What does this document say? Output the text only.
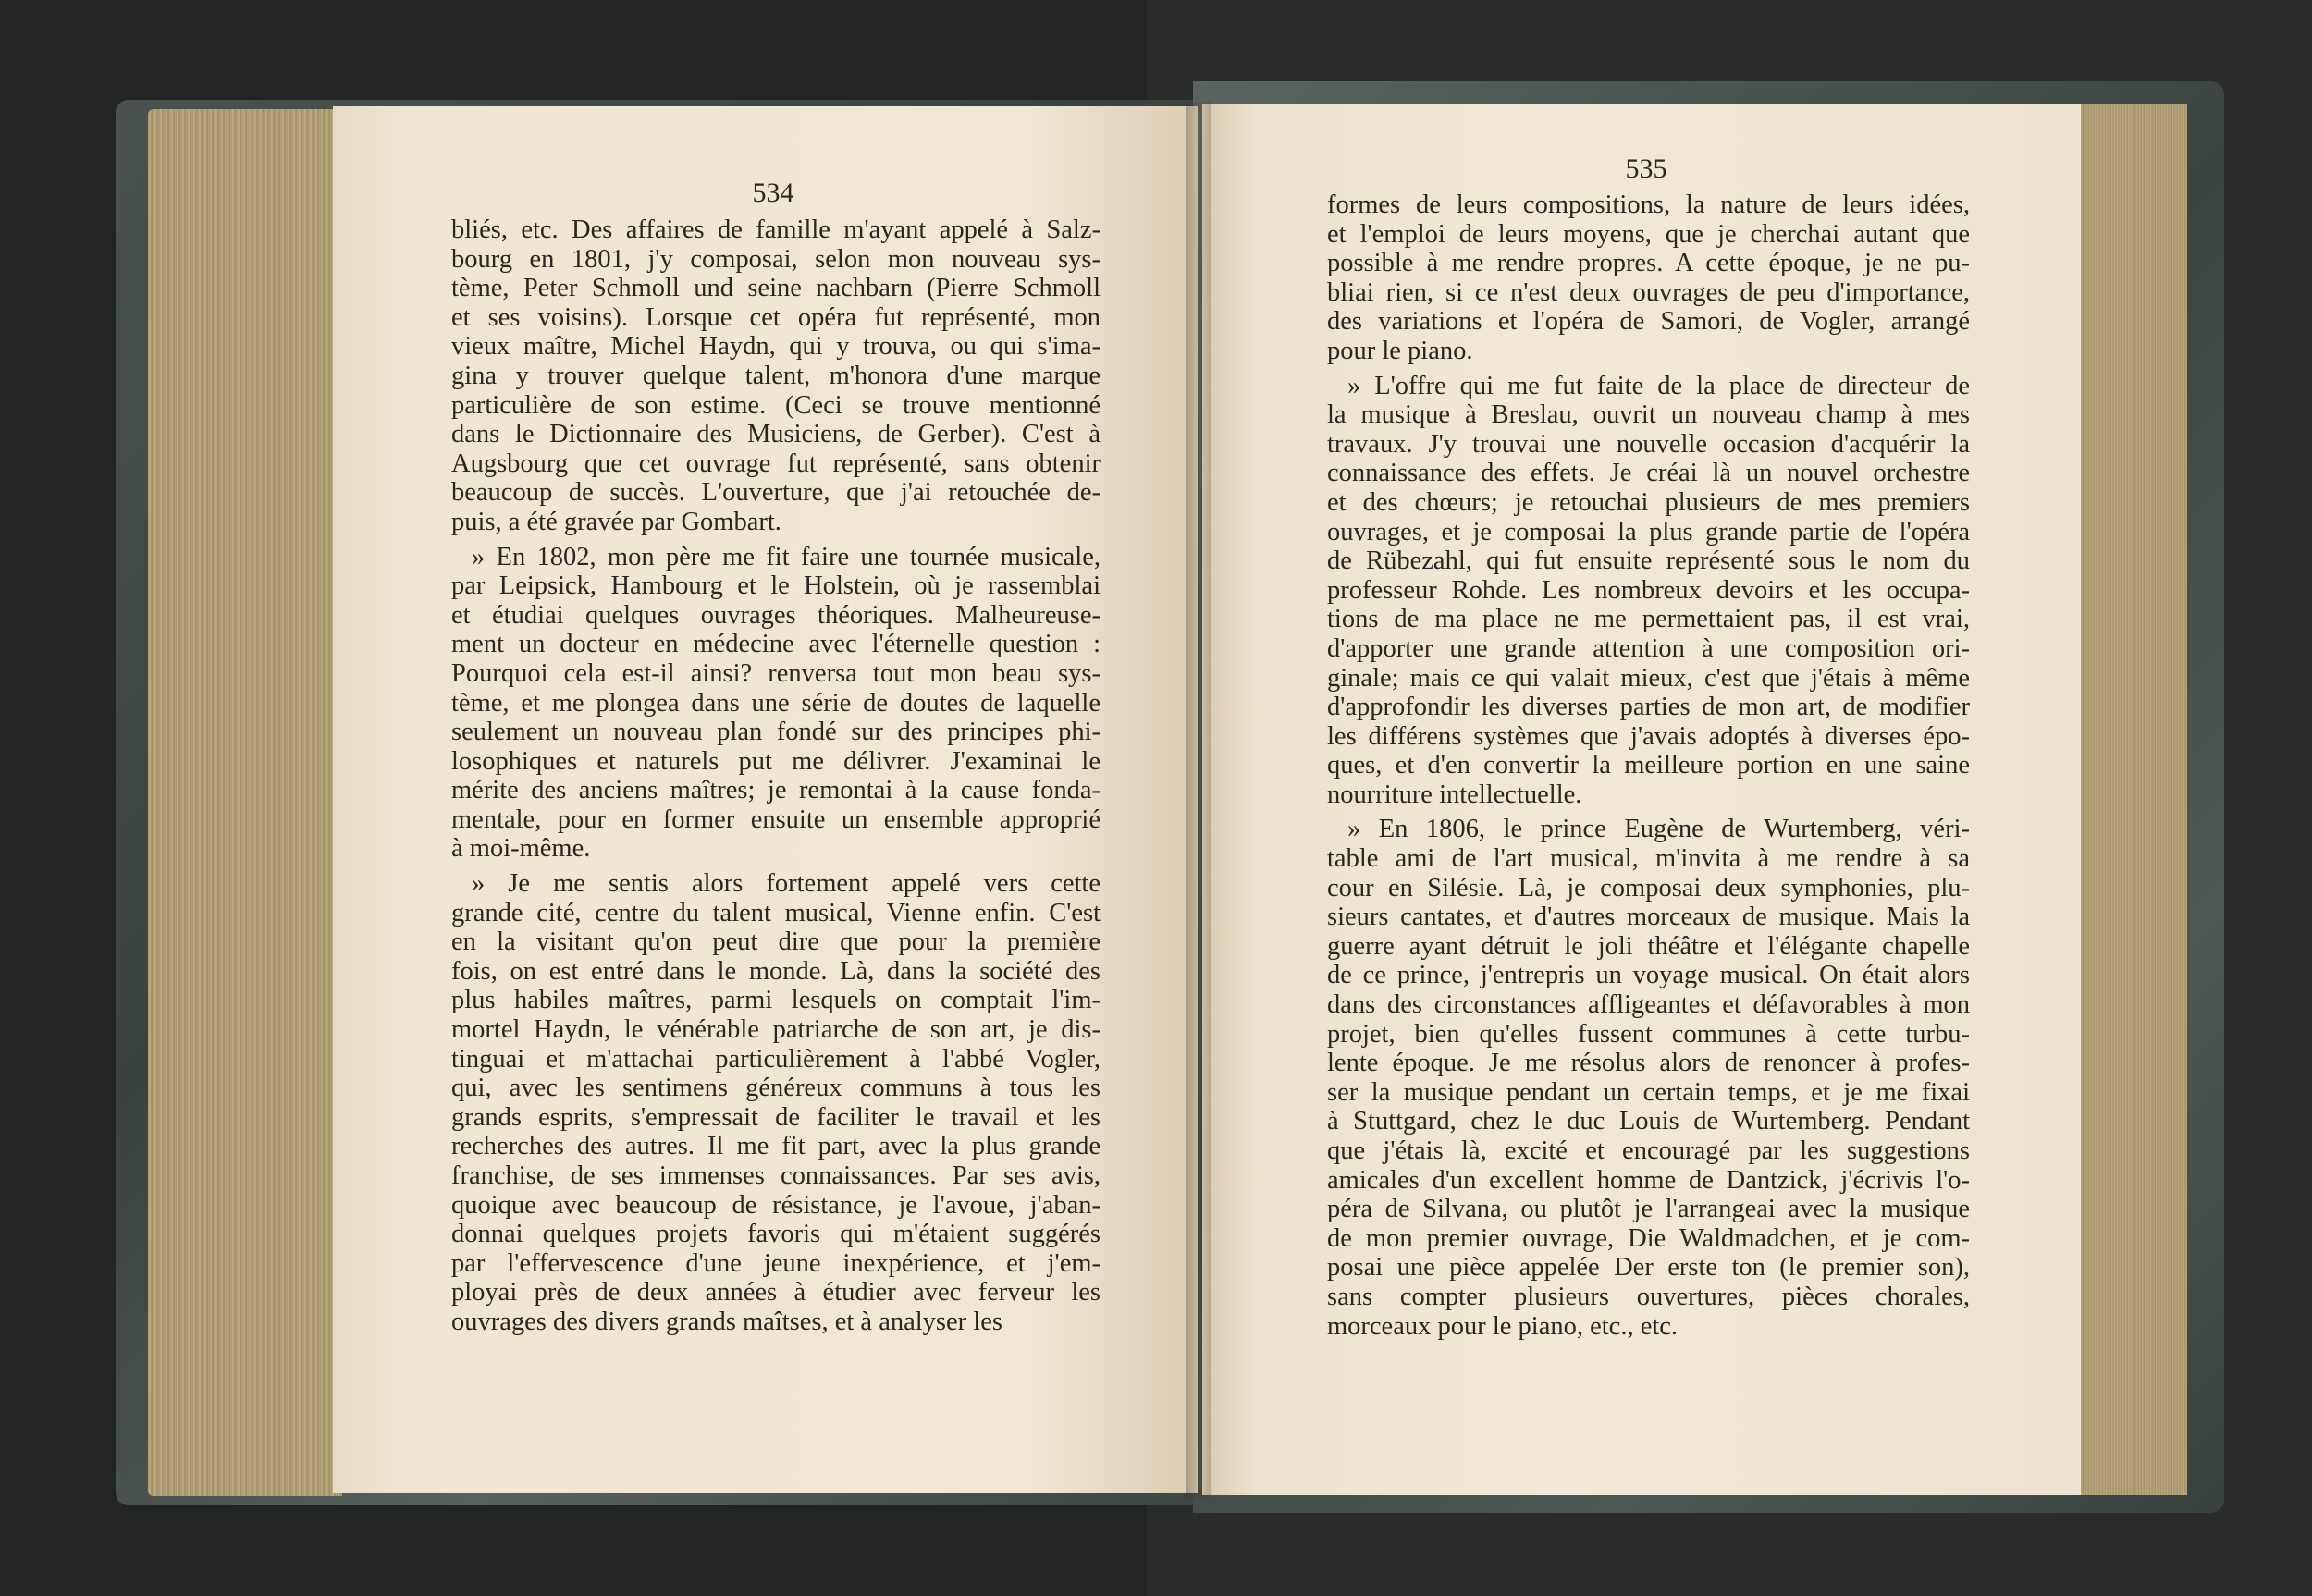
534
bliés, etc. Des affaires de famille m'ayant appelé à Salz-
bourg en 1801, j'y composai, selon mon nouveau sys-
tème, Peter Schmoll und seine nachbarn (Pierre Schmoll
et ses voisins). Lorsque cet opéra fut représenté, mon
vieux maître, Michel Haydn, qui y trouva, ou qui s'ima-
gina y trouver quelque talent, m'honora d'une marque
particulière de son estime. (Ceci se trouve mentionné
dans le Dictionnaire des Musiciens, de Gerber). C'est à
Augsbourg que cet ouvrage fut représenté, sans obtenir
beaucoup de succès. L'ouverture, que j'ai retouchée de-
puis, a été gravée par Gombart.
» En 1802, mon père me fit faire une tournée musicale,
par Leipsick, Hambourg et le Holstein, où je rassemblai
et étudiai quelques ouvrages théoriques. Malheureuse-
ment un docteur en médecine avec l'éternelle question :
Pourquoi cela est-il ainsi? renversa tout mon beau sys-
tème, et me plongea dans une série de doutes de laquelle
seulement un nouveau plan fondé sur des principes phi-
losophiques et naturels put me délivrer. J'examinai le
mérite des anciens maîtres; je remontai à la cause fonda-
mentale, pour en former ensuite un ensemble approprié
à moi-même.
» Je me sentis alors fortement appelé vers cette
grande cité, centre du talent musical, Vienne enfin. C'est
en la visitant qu'on peut dire que pour la première
fois, on est entré dans le monde. Là, dans la société des
plus habiles maîtres, parmi lesquels on comptait l'im-
mortel Haydn, le vénérable patriarche de son art, je dis-
tinguai et m'attachai particulièrement à l'abbé Vogler,
qui, avec les sentimens généreux communs à tous les
grands esprits, s'empressait de faciliter le travail et les
recherches des autres. Il me fit part, avec la plus grande
franchise, de ses immenses connaissances. Par ses avis,
quoique avec beaucoup de résistance, je l'avoue, j'aban-
donnai quelques projets favoris qui m'étaient suggérés
par l'effervescence d'une jeune inexpérience, et j'em-
ployai près de deux années à étudier avec ferveur les
ouvrages des divers grands maîtses, et à analyser les
535
formes de leurs compositions, la nature de leurs idées,
et l'emploi de leurs moyens, que je cherchai autant que
possible à me rendre propres. A cette époque, je ne pu-
bliai rien, si ce n'est deux ouvrages de peu d'importance,
des variations et l'opéra de Samori, de Vogler, arrangé
pour le piano.
» L'offre qui me fut faite de la place de directeur de
la musique à Breslau, ouvrit un nouveau champ à mes
travaux. J'y trouvai une nouvelle occasion d'acquérir la
connaissance des effets. Je créai là un nouvel orchestre
et des chœurs; je retouchai plusieurs de mes premiers
ouvrages, et je composai la plus grande partie de l'opéra
de Rübezahl, qui fut ensuite représenté sous le nom du
professeur Rohde. Les nombreux devoirs et les occupa-
tions de ma place ne me permettaient pas, il est vrai,
d'apporter une grande attention à une composition ori-
ginale; mais ce qui valait mieux, c'est que j'étais à même
d'approfondir les diverses parties de mon art, de modifier
les différens systèmes que j'avais adoptés à diverses épo-
ques, et d'en convertir la meilleure portion en une saine
nourriture intellectuelle.
» En 1806, le prince Eugène de Wurtemberg, véri-
table ami de l'art musical, m'invita à me rendre à sa
cour en Silésie. Là, je composai deux symphonies, plu-
sieurs cantates, et d'autres morceaux de musique. Mais la
guerre ayant détruit le joli théâtre et l'élégante chapelle
de ce prince, j'entrepris un voyage musical. On était alors
dans des circonstances affligeantes et défavorables à mon
projet, bien qu'elles fussent communes à cette turbu-
lente époque. Je me résolus alors de renoncer à profes-
ser la musique pendant un certain temps, et je me fixai
à Stuttgard, chez le duc Louis de Wurtemberg. Pendant
que j'étais là, excité et encouragé par les suggestions
amicales d'un excellent homme de Dantzick, j'écrivis l'o-
péra de Silvana, ou plutôt je l'arrangeai avec la musique
de mon premier ouvrage, Die Waldmadchen, et je com-
posai une pièce appelée Der erste ton (le premier son),
sans compter plusieurs ouvertures, pièces chorales,
morceaux pour le piano, etc., etc.
